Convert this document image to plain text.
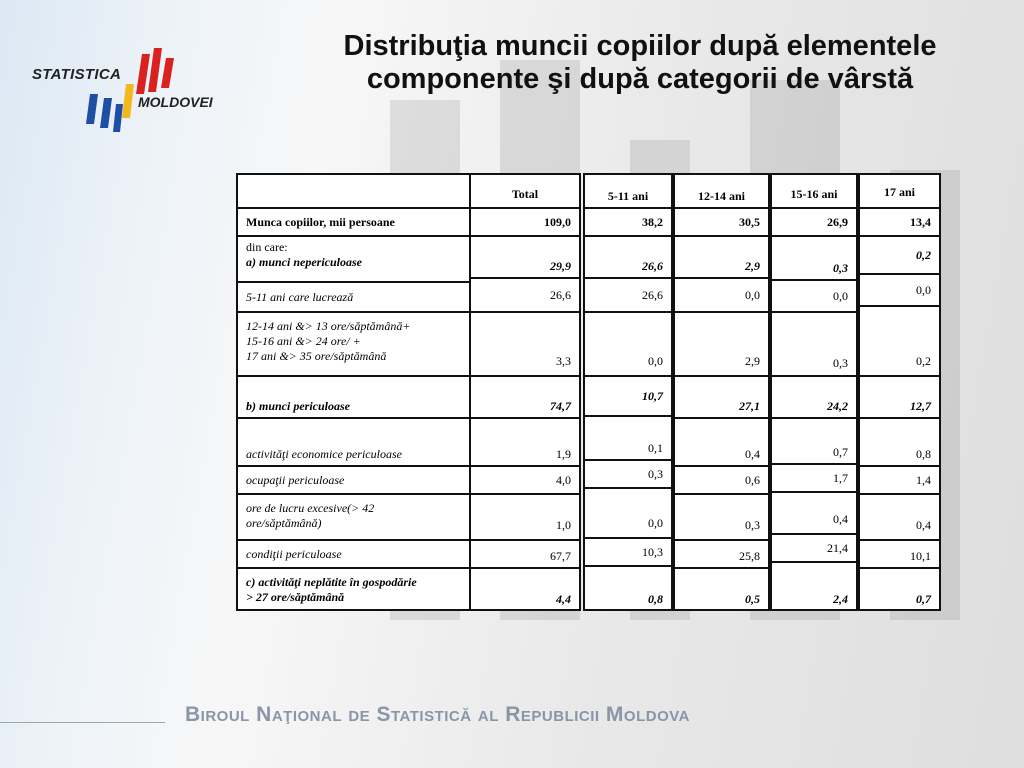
STATISTICA
MOLDOVEI
Distribuţia muncii copiilor după elementele componente şi după categorii de vârstă
Munca copiilor, mii persoane
din care:
a) munci nepericuloase
5-11 ani care lucrează
12-14 ani &> 13 ore/săptămână+
15-16 ani &> 24 ore/ +
17 ani &> 35 ore/săptămână
b) munci periculoase
activităţi economice periculoase
ocupaţii periculoase
ore de lucru excesive(> 42
ore/săptămână)
condiţii periculoase
c) activităţi neplătite în gospodărie
> 27 ore/săptămână
Total
109,0
29,9
26,6
3,3
74,7
1,9
4,0
1,0
67,7
4,4
5-11 ani
38,2
26,6
26,6
0,0
10,7
0,1
0,3
0,0
10,3
0,8
12-14 ani
30,5
2,9
0,0
2,9
27,1
0,4
0,6
0,3
25,8
0,5
15-16 ani
26,9
0,3
0,0
0,3
24,2
0,7
1,7
0,4
21,4
2,4
17 ani
13,4
0,2
0,0
0,2
12,7
0,8
1,4
0,4
10,1
0,7
Biroul Naţional de Statistică al Republicii Moldova
